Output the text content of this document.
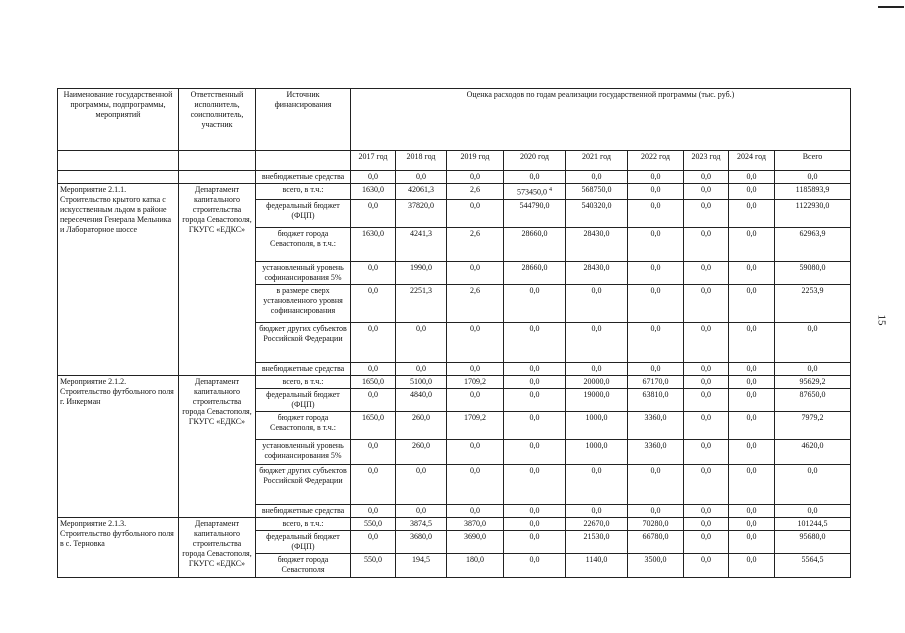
15
Наименование государственной программы, подпрограммы, мероприятий	Ответственный исполнитель, соисполнитель, участник	Источник финансирования	Оценка расходов по годам реализации государственной программы (тыс. руб.)								
			2017 год	2018 год	2019 год	2020 год	2021 год	2022 год	2023 год	2024 год	Всего
		внебюджетные средства	0,0	0,0	0,0	0,0	0,0	0,0	0,0	0,0	0,0
Мероприятие 2.1.1. Строительство крытого катка с искусственным льдом в районе пересечения Генерала Мельника и Лабораторное шоссе	Департамент капитального строительства города Севастополя, ГКУГС «ЕДКС»	всего, в т.ч.:	1630,0	42061,3	2,6	573450,0 $^4$	568750,0	0,0	0,0	0,0	1185893,9
		федеральный бюджет (ФЦП)	0,0	37820,0	0,0	544790,0	540320,0	0,0	0,0	0,0	1122930,0
		бюджет города Севастополя, в т.ч.:	1630,0	4241,3	2,6	28660,0	28430,0	0,0	0,0	0,0	62963,9
		установленный уровень софинансирования 5%	0,0	1990,0	0,0	28660,0	28430,0	0,0	0,0	0,0	59080,0
		в размере сверх установленного уровня софинансирования	0,0	2251,3	2,6	0,0	0,0	0,0	0,0	0,0	2253,9
		бюджет других субъектов Российской Федерации	0,0	0,0	0,0	0,0	0,0	0,0	0,0	0,0	0,0
		внебюджетные средства	0,0	0,0	0,0	0,0	0,0	0,0	0,0	0,0	0,0
Мероприятие 2.1.2. Строительство футбольного поля г. Инкерман	Департамент капитального строительства города Севастополя, ГКУГС «ЕДКС»	всего, в т.ч.:	1650,0	5100,0	1709,2	0,0	20000,0	67170,0	0,0	0,0	95629,2
		федеральный бюджет (ФЦП)	0,0	4840,0	0,0	0,0	19000,0	63810,0	0,0	0,0	87650,0
		бюджет города Севастополя, в т.ч.:	1650,0	260,0	1709,2	0,0	1000,0	3360,0	0,0	0,0	7979,2
		установленный уровень софинансирования 5%	0,0	260,0	0,0	0,0	1000,0	3360,0	0,0	0,0	4620,0
		бюджет других субъектов Российской Федерации	0,0	0,0	0,0	0,0	0,0	0,0	0,0	0,0	0,0
		внебюджетные средства	0,0	0,0	0,0	0,0	0,0	0,0	0,0	0,0	0,0
Мероприятие 2.1.3. Строительство футбольного поля в с. Терновка	Департамент капитального строительства города Севастополя, ГКУГС «ЕДКС»	всего, в т.ч.:	550,0	3874,5	3870,0	0,0	22670,0	70280,0	0,0	0,0	101244,5
		федеральный бюджет (ФЦП)	0,0	3680,0	3690,0	0,0	21530,0	66780,0	0,0	0,0	95680,0
		бюджет города Севастополя	550,0	194,5	180,0	0,0	1140,0	3500,0	0,0	0,0	5564,5
